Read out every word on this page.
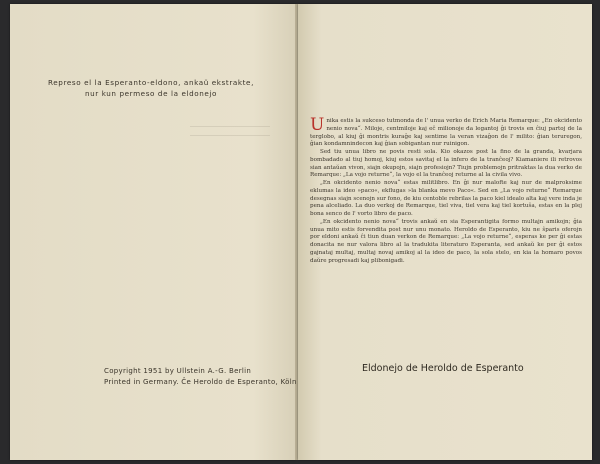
Represo el la Esperanto-eldono, ankaŭ ekstrakte,
nur kun permeso de la eldonejo
Copyright 1951 by Ullstein A.-G. Berlin
Printed in Germany. Ĉe Heroldo de Esperanto, Köln

Unika estis la sukceso tutmonda de l' unua verko de Erich Maria Remarque: „En okcidento nenio nova“. Miloje, centmiloje kaj eĉ milionoje da legantoj ĝi trovis en ĉiuj partoj de la terglobo, al kiuj ĝi montris kuraĝe kaj sentime la veran vizaĝon de l' milito: ĝian teruregon, ĝian kondamnindecon kaj ĝian sobigantan nur ruinigon.

Sed tiu unua libro ne povis resti sola. Kio okazos post la fino de la granda, kvarjara bombadado al tiuj homoj, kiuj estos savitaj el la infero de la tranĉeoj? Kiamaniere ili retrovos sian antaŭan vivon, siajn okupojn, siajn profesiojn? Tiujn problemojn pritraktas la dua verko de Remarque: „La vojo returne“, la vojo el la tranĉeoj returne al la civila vivo.

„En okcidento nenio nova“ estas militlibro. En ĝi nur malofte kaj nur de malproksime eklumas la ideo »paco«, ekflugas »la blanka mevo Paco«. Sed en „La vojo returne“ Remarque desegnas siajn scenojn sur fono, de kiu centoble rebrilas la paco kiel idealo alta kaj vere inda je pena alceliado. La duo verkoj de Remarque, tiel viva, tiel vera kaj tiel kortuŝa, estas en la plej bona senco de l' vorto libro de paco.

„En okcidento nenio nova“ trovis ankaŭ en sia Esperantigita formo multajn amikojn; ĝia unua mito estis forvendita post nur unu monato. Heroldo de Esperanto, kiu ne ŝparis oferojn por eldoni ankaŭ ĉi tiun duan verkon de Remarque: „La vojo returne“, esperas ke per ĝi estas donacita ne nur valora libro al la tradukita literaturo Esperanta, sed ankaŭ ke per ĝi estos gajnataj multaj, multaj novaj amikoj al la ideo de paco, la sola stelo, en kia la homaro povos daŭre progresadi kaj plibonigadi.

Eldonejo de Heroldo de Esperanto
